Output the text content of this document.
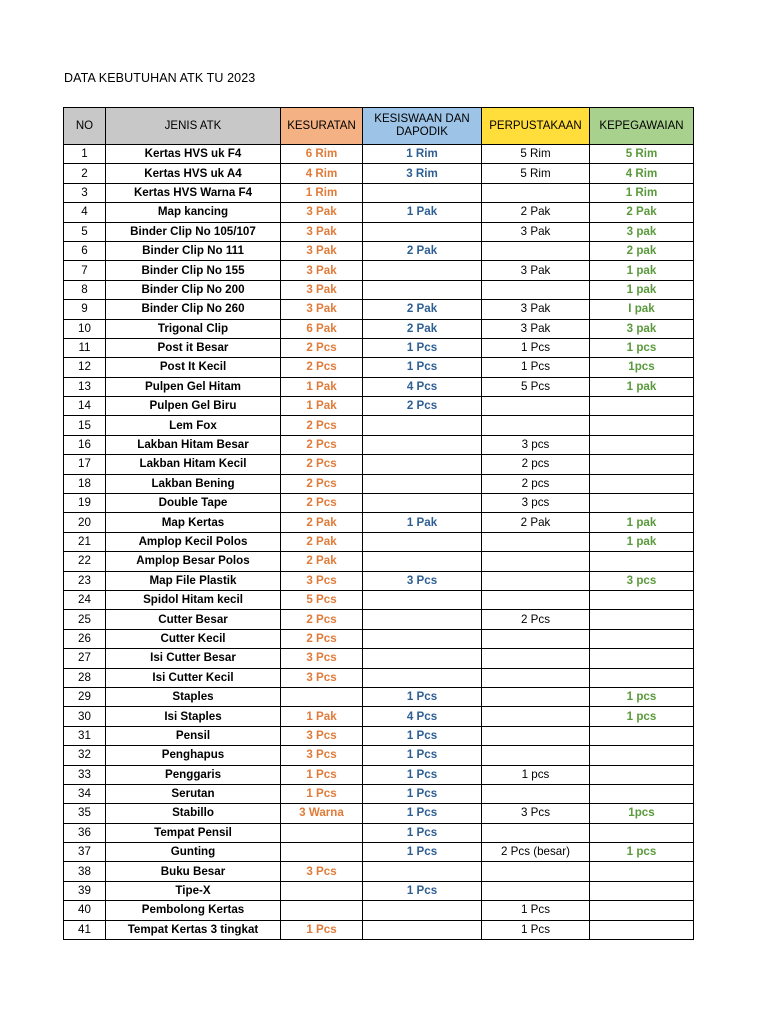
DATA KEBUTUHAN ATK TU 2023
NO	JENIS ATK	KESURATAN	KESISWAAN DAN DAPODIK	PERPUSTAKAAN	KEPEGAWAIAN
1	Kertas HVS uk F4	6 Rim	1 Rim	5 Rim	5 Rim
2	Kertas HVS uk A4	4 Rim	3 Rim	5 Rim	4 Rim
3	Kertas HVS Warna F4	1 Rim			1 Rim
4	Map kancing	3 Pak	1 Pak	2 Pak	2 Pak
5	Binder Clip No 105/107	3 Pak		3 Pak	3 pak
6	Binder Clip No 111	3 Pak	2 Pak		2 pak
7	Binder Clip No 155	3 Pak		3 Pak	1 pak
8	Binder Clip No 200	3 Pak			1 pak
9	Binder Clip No 260	3 Pak	2 Pak	3 Pak	I pak
10	Trigonal Clip	6 Pak	2 Pak	3 Pak	3 pak
11	Post it Besar	2 Pcs	1 Pcs	1 Pcs	1 pcs
12	Post It Kecil	2 Pcs	1 Pcs	1 Pcs	1pcs
13	Pulpen Gel Hitam	1 Pak	4 Pcs	5 Pcs	1 pak
14	Pulpen Gel Biru	1 Pak	2 Pcs		
15	Lem Fox	2 Pcs			
16	Lakban Hitam Besar	2 Pcs		3 pcs	
17	Lakban Hitam Kecil	2 Pcs		2 pcs	
18	Lakban Bening	2 Pcs		2 pcs	
19	Double Tape	2 Pcs		3 pcs	
20	Map Kertas	2 Pak	1 Pak	2 Pak	1 pak
21	Amplop Kecil Polos	2 Pak			1 pak
22	Amplop Besar Polos	2 Pak			
23	Map File Plastik	3 Pcs	3 Pcs		3 pcs
24	Spidol Hitam kecil	5 Pcs			
25	Cutter Besar	2 Pcs		2 Pcs	
26	Cutter Kecil	2 Pcs			
27	Isi Cutter Besar	3 Pcs			
28	Isi Cutter Kecil	3 Pcs			
29	Staples		1 Pcs		1 pcs
30	Isi Staples	1 Pak	4 Pcs		1 pcs
31	Pensil	3 Pcs	1 Pcs		
32	Penghapus	3 Pcs	1 Pcs		
33	Penggaris	1 Pcs	1 Pcs	1 pcs	
34	Serutan	1 Pcs	1 Pcs		
35	Stabillo	3 Warna	1 Pcs	3 Pcs	1pcs
36	Tempat Pensil		1 Pcs		
37	Gunting		1 Pcs	2 Pcs (besar)	1 pcs
38	Buku Besar	3 Pcs			
39	Tipe-X		1 Pcs		
40	Pembolong Kertas			1 Pcs	
41	Tempat Kertas 3 tingkat	1 Pcs		1 Pcs	
